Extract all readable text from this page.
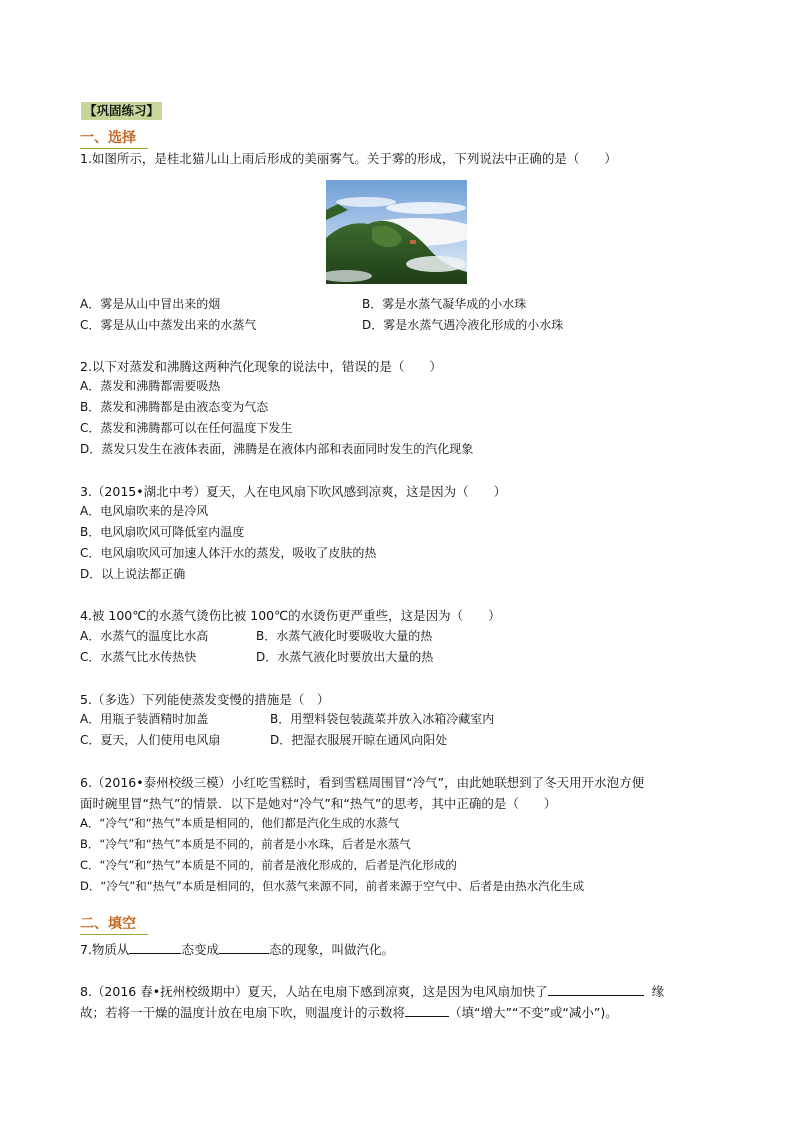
【巩固练习】
一、选择
1.如图所示，是桂北猫儿山上雨后形成的美丽雾气。关于雾的形成，下列说法中正确的是（　　）
A．雾是从山中冒出来的烟	B．雾是水蒸气凝华成的小水珠
C．雾是从山中蒸发出来的水蒸气	D．雾是水蒸气遇冷液化形成的小水珠
2.以下对蒸发和沸腾这两种汽化现象的说法中，错误的是（　　）
A．蒸发和沸腾都需要吸热
B．蒸发和沸腾都是由液态变为气态
C．蒸发和沸腾都可以在任何温度下发生
D．蒸发只发生在液体表面，沸腾是在液体内部和表面同时发生的汽化现象
3.（2015•湖北中考）夏天，人在电风扇下吹风感到凉爽，这是因为（　　）
A．电风扇吹来的是冷风
B．电风扇吹风可降低室内温度
C．电风扇吹风可加速人体汗水的蒸发，吸收了皮肤的热
D．以上说法都正确
4.被 100℃的水蒸气烫伤比被 100℃的水烫伤更严重些，这是因为（　　）
A．水蒸气的温度比水高	B．水蒸气液化时要吸收大量的热
C．水蒸气比水传热快	D．水蒸气液化时要放出大量的热
5.（多选）下列能使蒸发变慢的措施是（　）
A．用瓶子装酒精时加盖	B．用塑料袋包装蔬菜并放入冰箱冷藏室内
C．夏天，人们使用电风扇	D．把湿衣服展开晾在通风向阳处
6.（2016•泰州校级三模）小红吃雪糕时，看到雪糕周围冒“冷气”，由此她联想到了冬天用开水泡方便
面时碗里冒“热气”的情景．以下是她对“冷气”和“热气”的思考，其中正确的是（　　）
A．“冷气”和“热气”本质是相同的，他们都是汽化生成的水蒸气
B．“冷气”和“热气”本质是不同的，前者是小水珠，后者是水蒸气
C．“冷气”和“热气”本质是不同的，前者是液化形成的，后者是汽化形成的
D．“冷气”和“热气”本质是相同的，但水蒸气来源不同，前者来源于空气中、后者是由热水汽化生成
二、填空
7.物质从	态变成	态的现象，叫做汽化。
8.（2016 春•抚州校级期中）夏天，人站在电扇下感到凉爽，这是因为电风扇加快了	缘
故；若将一干燥的温度计放在电扇下吹，则温度计的示数将	（填“增大”“不变”或“减小”)。
